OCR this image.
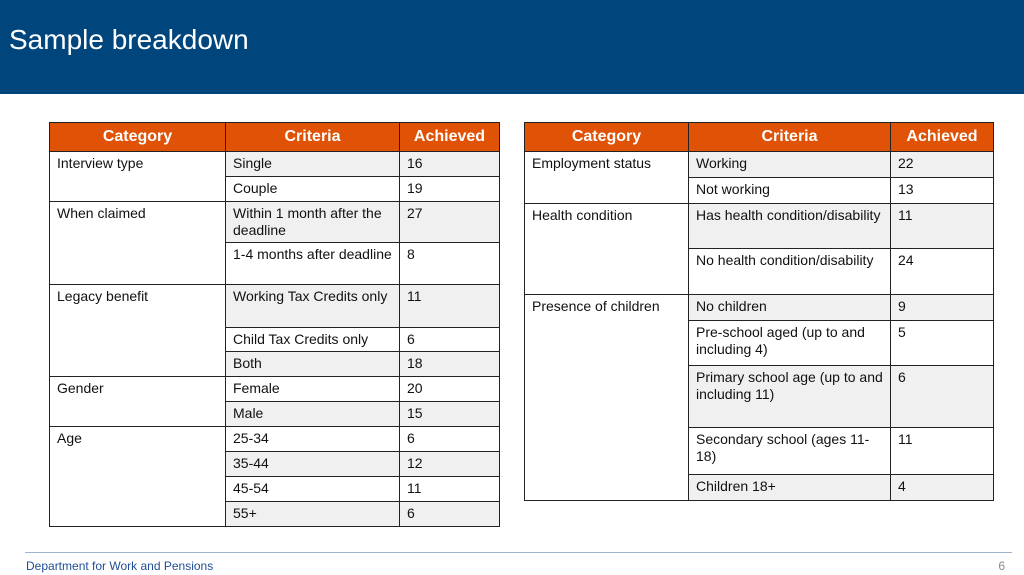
Sample breakdown
Category	Criteria	Achieved
Interview type	Single	16
	Couple	19
When claimed	Within 1 month after the deadline	27
	1-4 months after deadline	8
Legacy benefit	Working Tax Credits only	11
	Child Tax Credits only	6
	Both	18
Gender	Female	20
	Male	15
Age	25-34	6
	35-44	12
	45-54	11
	55+	6
Category	Criteria	Achieved
Employment status	Working	22
	Not working	13
Health condition	Has health condition/disability	11
	No health condition/disability	24
Presence of children	No children	9
	Pre-school aged (up to and including 4)	5
	Primary school age (up to and including 11)	6
	Secondary school (ages 11-18)	11
	Children 18+	4
Department for Work and Pensions	6
